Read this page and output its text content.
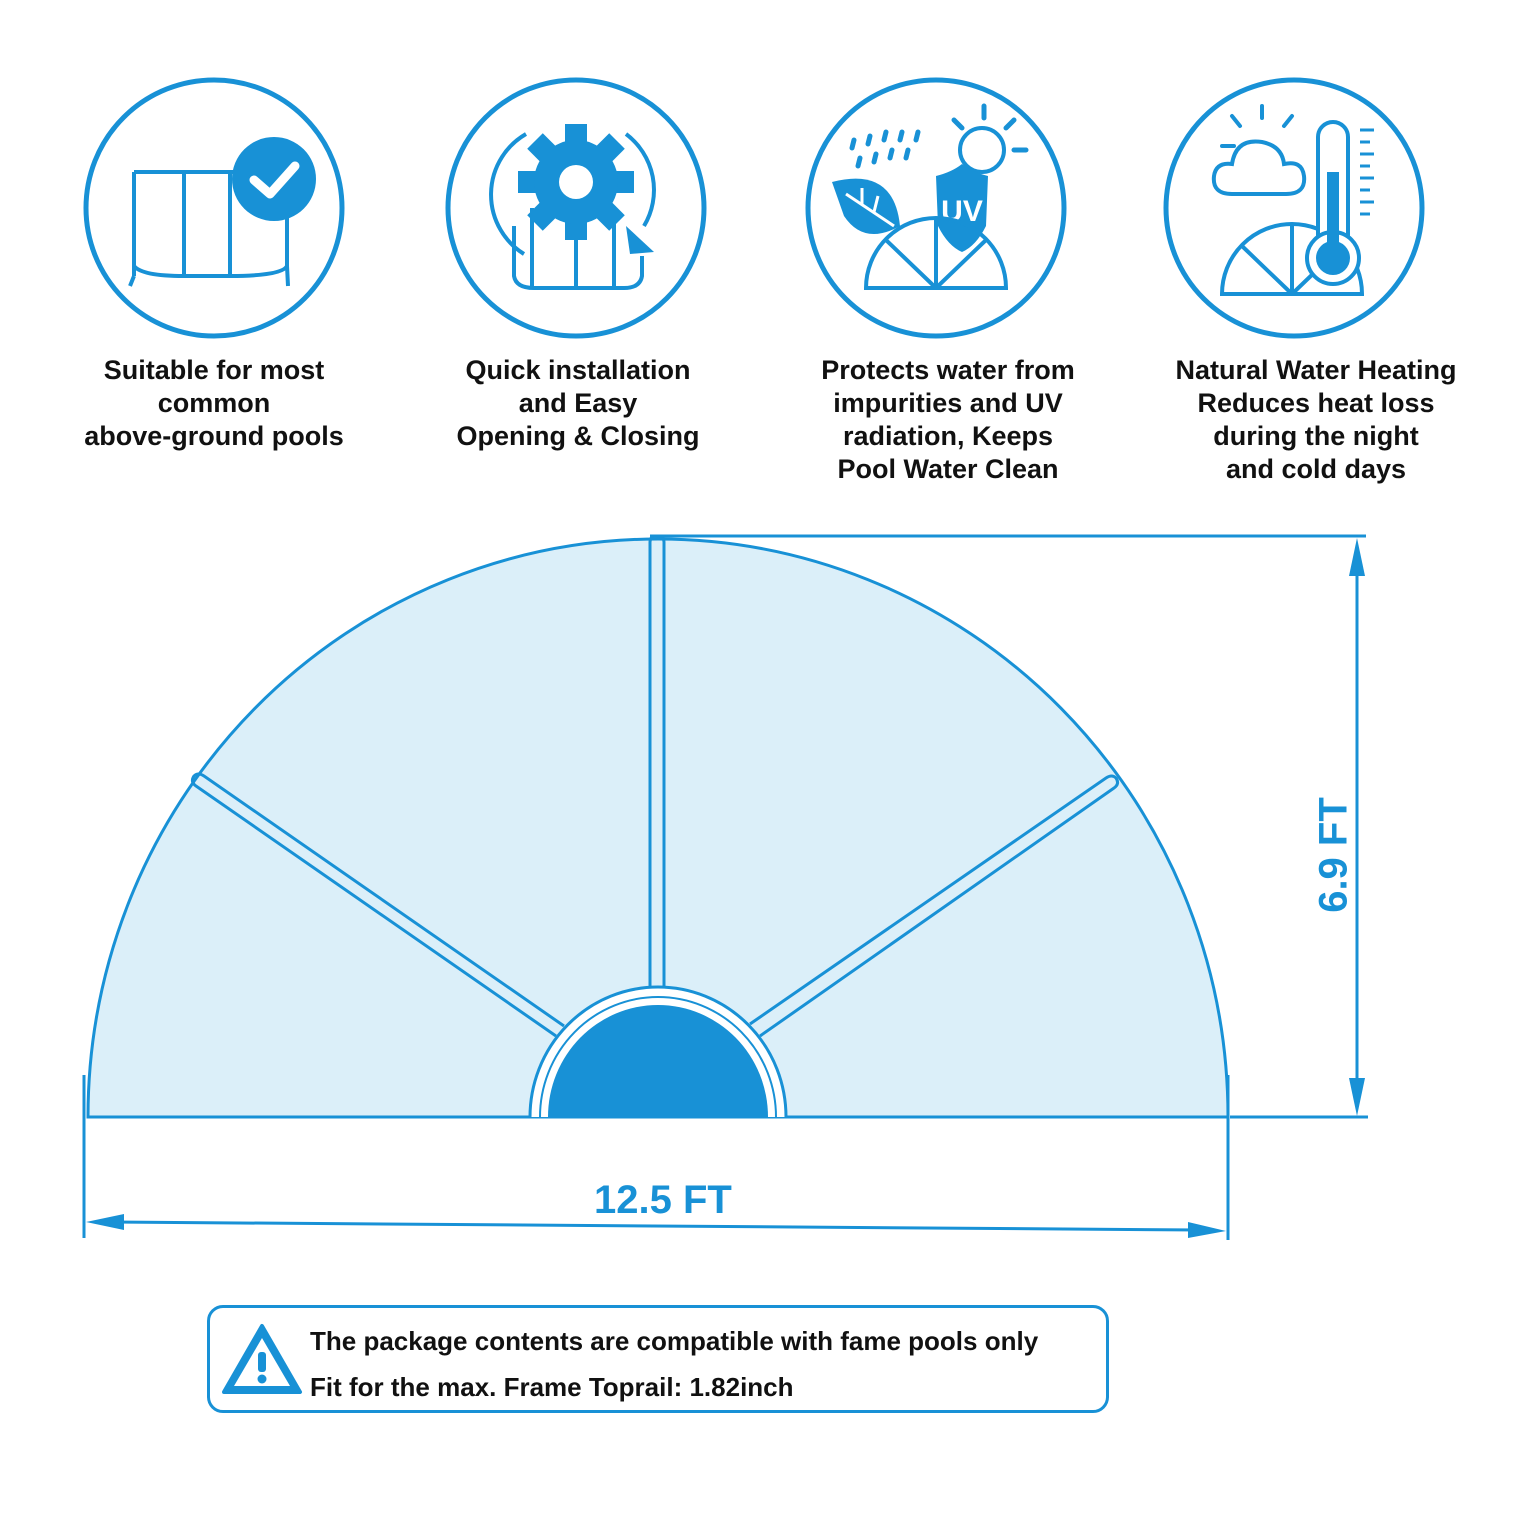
Suitable for most
common
above-ground pools
Quick installation
and Easy
Opening & Closing
UV
Protects water from
impurities and UV
radiation, Keeps
Pool Water Clean
Natural Water Heating
Reduces heat loss
during the night
and cold days
12.5 FT
6.9 FT
The package contents are compatible with fame pools only
Fit for the max. Frame Toprail: 1.82inch
